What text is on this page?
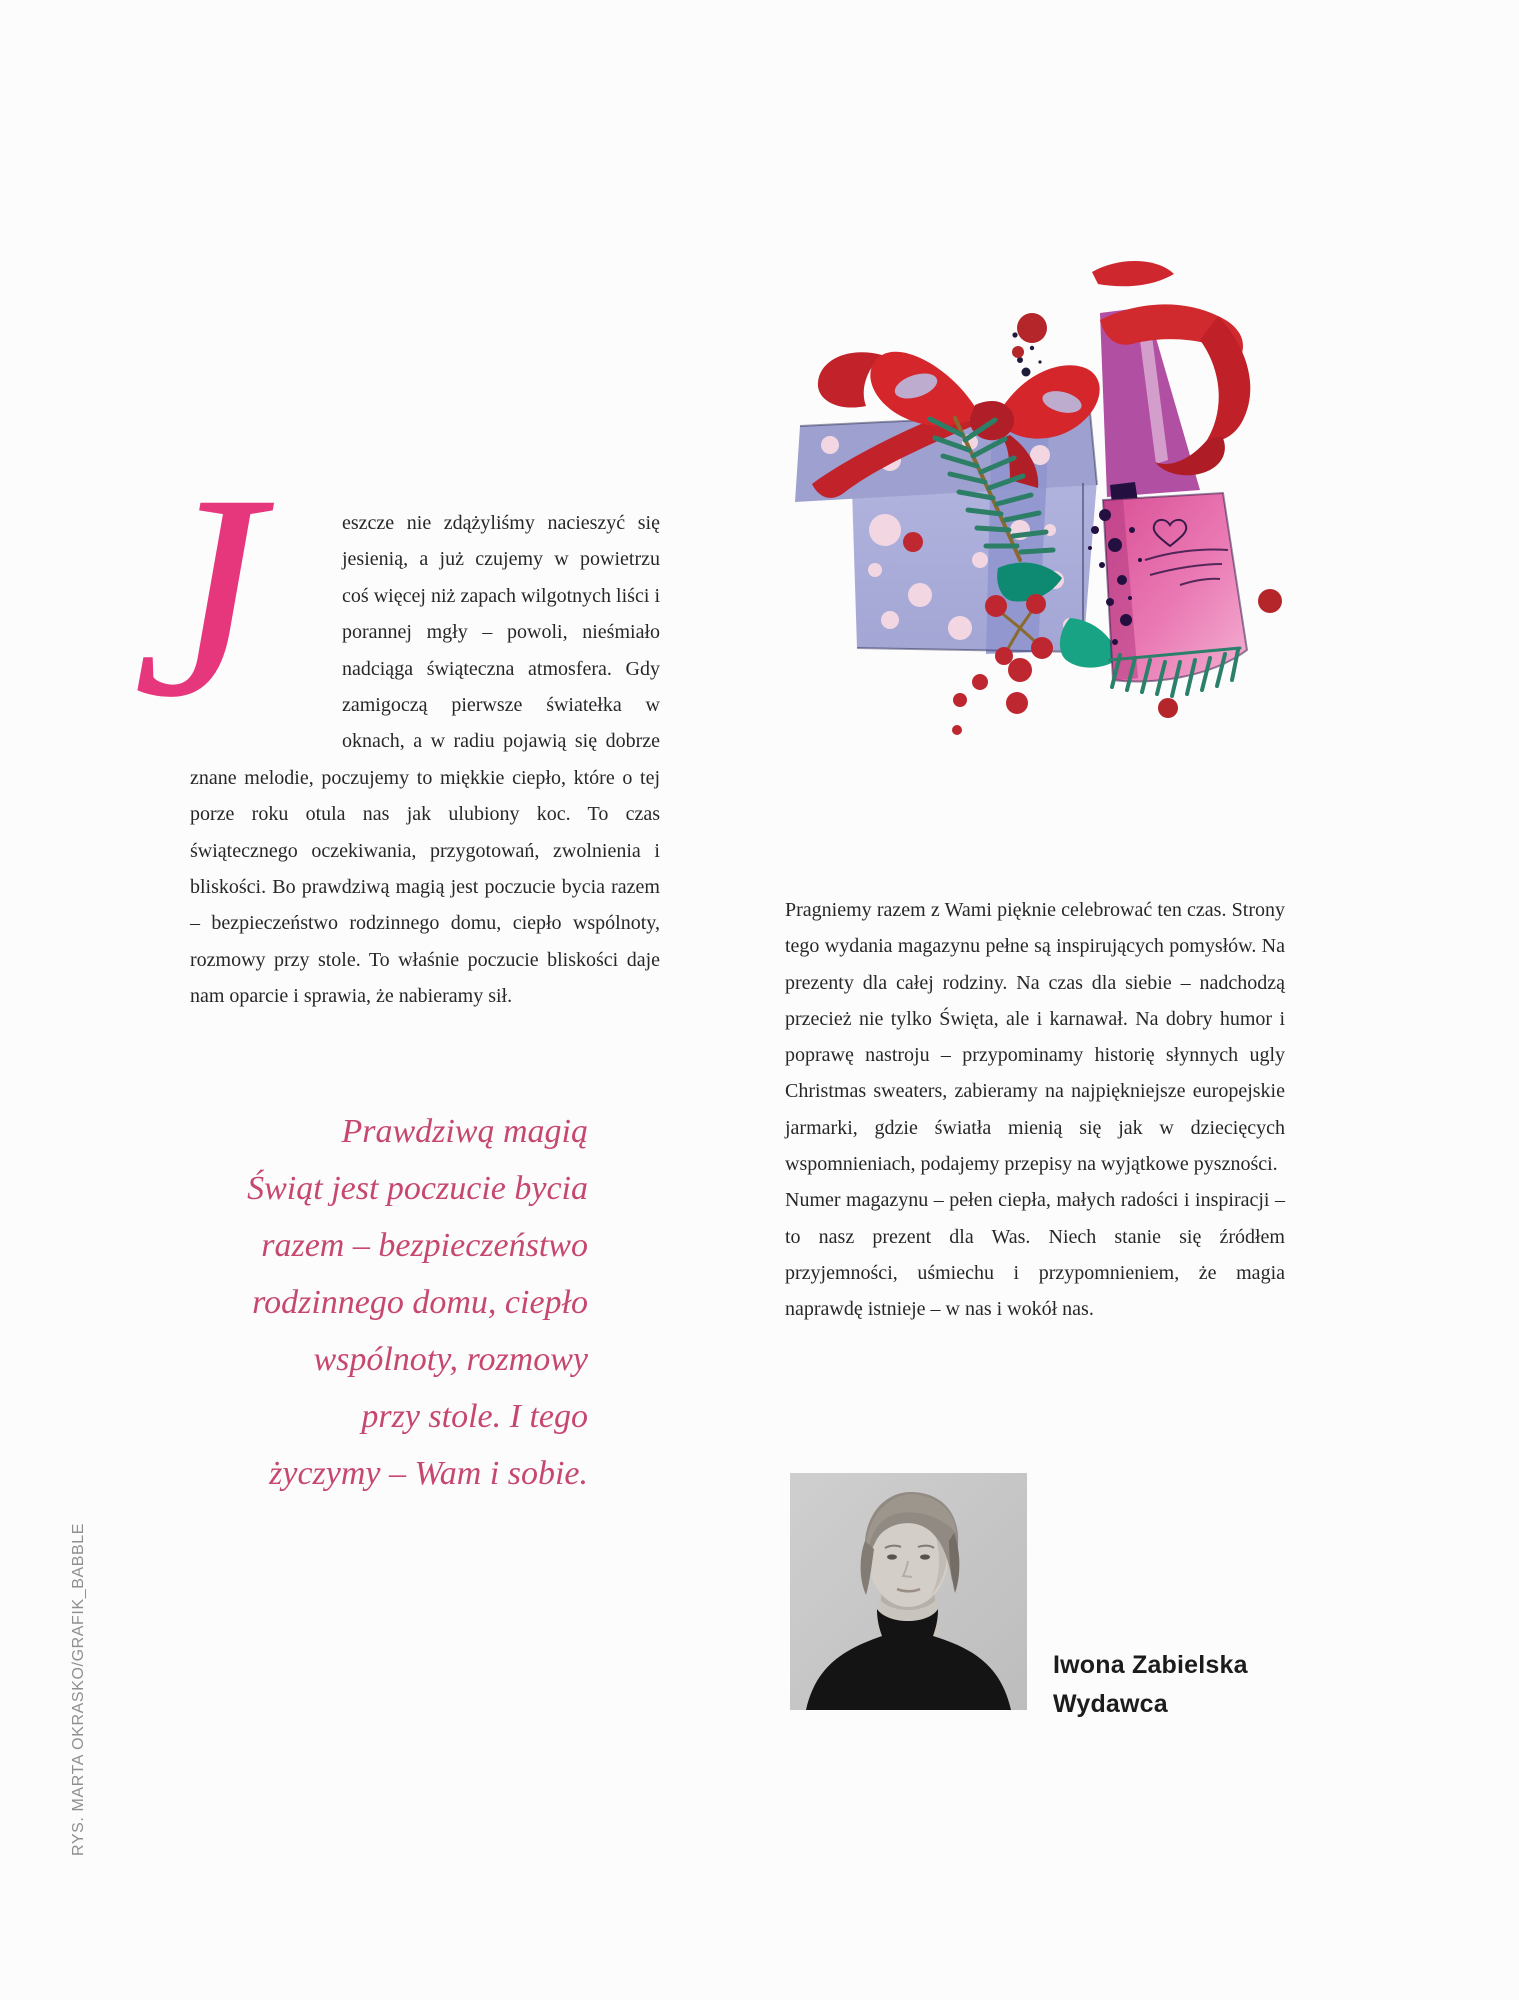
J	eszcze nie zdążyliśmy nacieszyć się jesienią, a już czujemy w powietrzu coś więcej niż zapach wilgotnych liści i porannej mgły – powoli, nieśmiało nadciąga świąteczna atmosfera. Gdy zamigoczą pierwsze światełka w oknach, a w radiu pojawią się dobrze znane melodie, poczujemy to miękkie ciepło, które o tej porze roku otula nas jak ulubiony koc. To czas świątecznego oczekiwania, przygotowań, zwolnienia i bliskości. Bo prawdziwą magią jest poczucie bycia razem – bezpieczeństwo rodzinnego domu, ciepło wspólnoty, rozmowy przy stole. To właśnie poczucie bliskości daje nam oparcie i sprawia, że nabieramy sił.
Prawdziwą magią
Świąt jest poczucie bycia
razem – bezpieczeństwo
rodzinnego domu, ciepło
wspólnoty, rozmowy
przy stole. I tego
życzymy – Wam i sobie.

Pragniemy razem z Wami pięknie celebrować ten czas. Strony tego wydania magazynu pełne są inspirujących pomysłów. Na prezenty dla całej rodziny. Na czas dla siebie – nadchodzą przecież nie tylko Święta, ale i karnawał. Na dobry humor i poprawę nastroju – przypominamy historię słynnych ugly Christmas sweaters, zabieramy na najpiękniejsze europejskie jarmarki, gdzie światła mienią się jak w dziecięcych wspomnieniach, podajemy przepisy na wyjątkowe pyszności.

Numer magazynu – pełen ciepła, małych radości i inspiracji – to nasz prezent dla Was. Niech stanie się źródłem przyjemności, uśmiechu i przypomnieniem, że magia naprawdę istnieje – w nas i wokół nas.

Iwona Zabielska
Wydawca
RYS. MARTA OKRASKO/GRAFIK_BABBLE
